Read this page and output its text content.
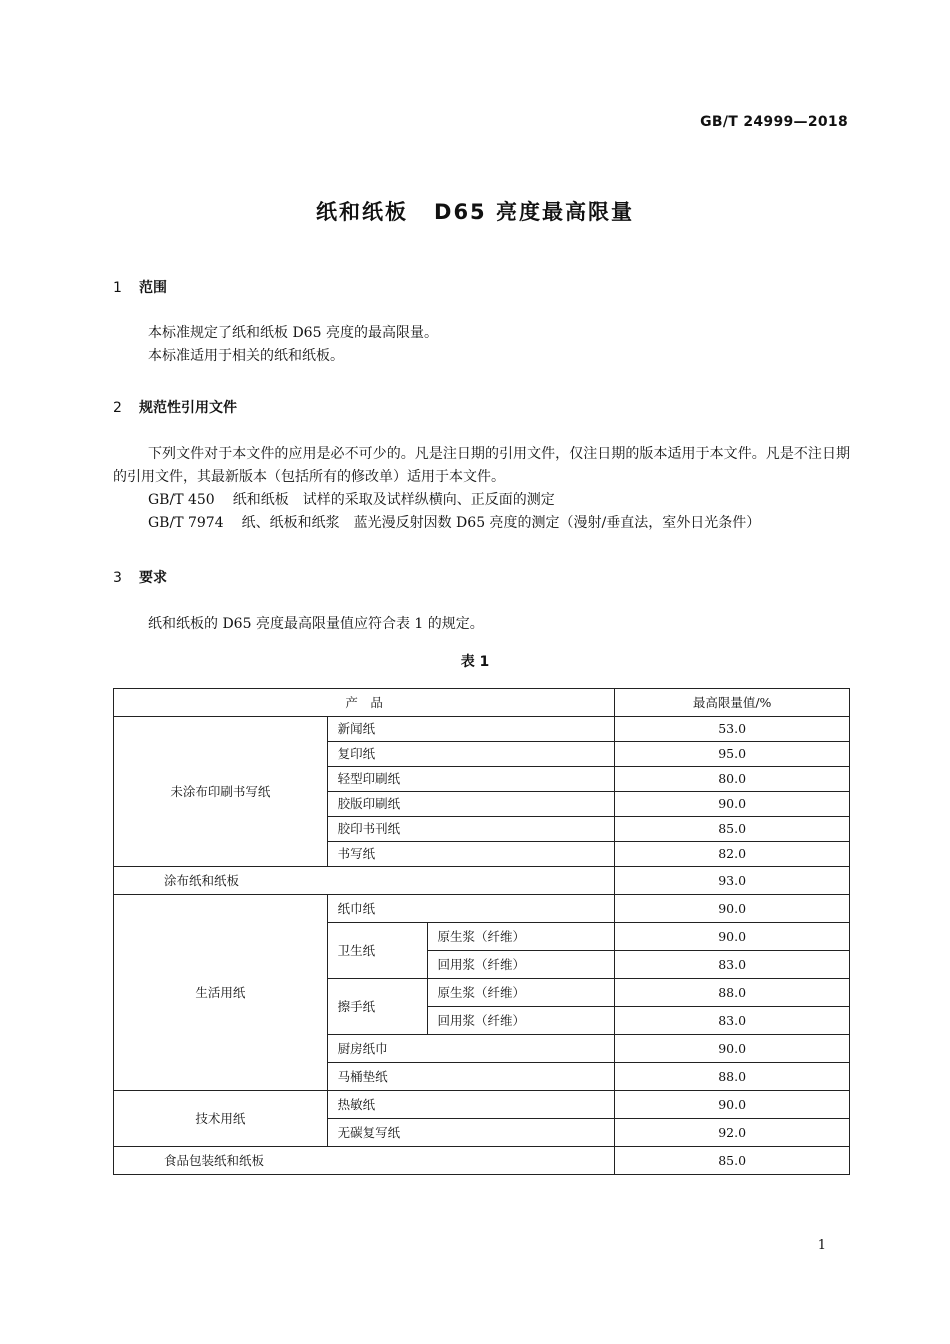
GB/T 24999—2018
纸和纸板 D65 亮度最高限量
1 范围

本标准规定了纸和纸板 D65 亮度的最高限量。

本标准适用于相关的纸和纸板。

2 规范性引用文件

下列文件对于本文件的应用是必不可少的。凡是注日期的引用文件，仅注日期的版本适用于本文件。凡是不注日期的引用文件，其最新版本（包括所有的修改单）适用于本文件。

GB/T 450 纸和纸板　试样的采取及试样纵横向、正反面的测定

GB/T 7974 纸、纸板和纸浆　蓝光漫反射因数 D65 亮度的测定（漫射/垂直法，室外日光条件）

3 要求

纸和纸板的 D65 亮度最高限量值应符合表 1 的规定。

表 1
产　品			最高限量值/%
未涂布印刷书写纸	新闻纸		53.0
	复印纸		95.0
	轻型印刷纸		80.0
	胶版印刷纸		90.0
	胶印书刊纸		85.0
	书写纸		82.0
涂布纸和纸板			93.0
生活用纸	纸巾纸		90.0
	卫生纸	原生浆（纤维）	90.0
		回用浆（纤维）	83.0
	擦手纸	原生浆（纤维）	88.0
		回用浆（纤维）	83.0
	厨房纸巾		90.0
	马桶垫纸		88.0
技术用纸	热敏纸		90.0
	无碳复写纸		92.0
食品包装纸和纸板			85.0
1
